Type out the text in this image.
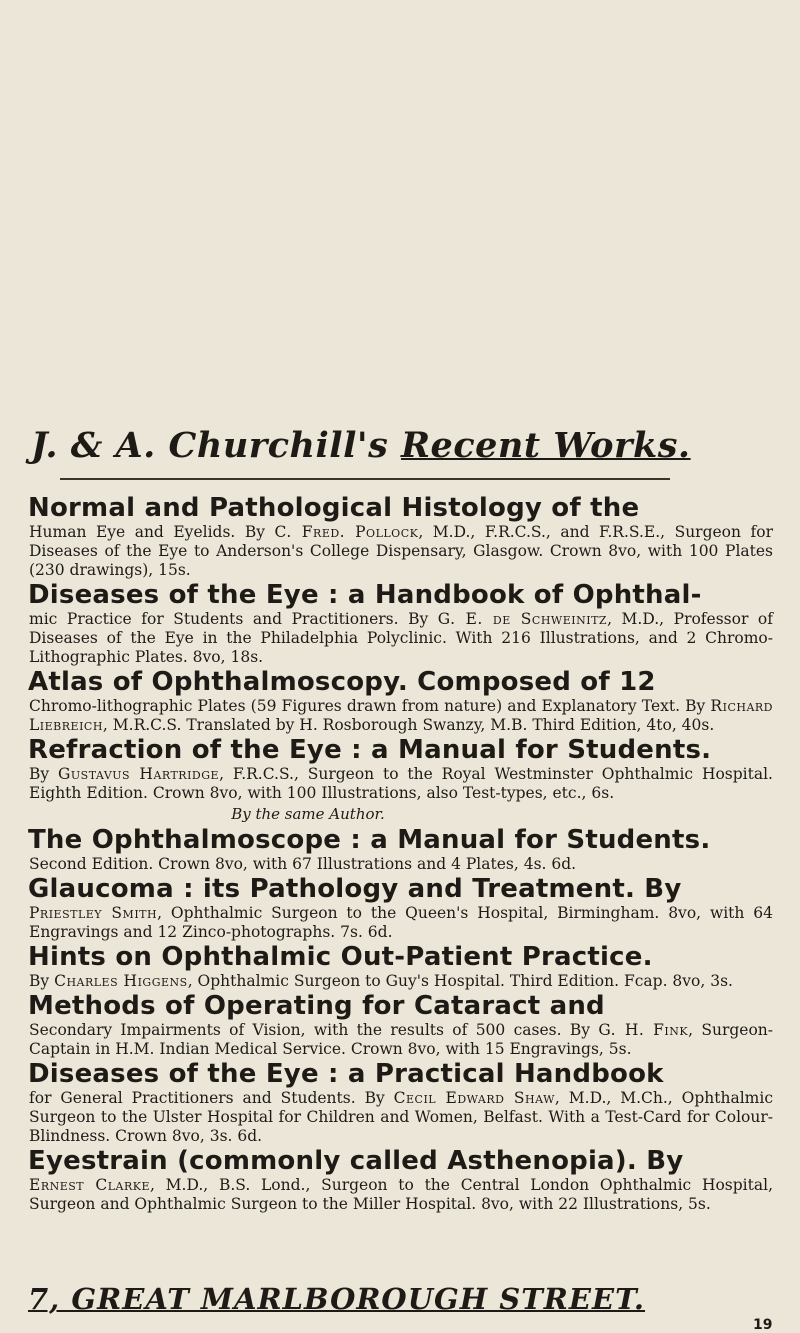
J. & A. Churchill's Recent Works.
Normal and Pathological Histology of the
Human Eye and Eyelids. By C. Fred. Pollock, M.D., F.R.C.S., and F.R.S.E., Surgeon for Diseases of the Eye to Anderson's College Dispensary, Glasgow. Crown 8vo, with 100 Plates (230 drawings), 15s.
Diseases of the Eye : a Handbook of Ophthal-
mic Practice for Students and Practitioners. By G. E. de Schweinitz, M.D., Professor of Diseases of the Eye in the Philadelphia Polyclinic. With 216 Illustrations, and 2 Chromo-Lithographic Plates. 8vo, 18s.
Atlas of Ophthalmoscopy. Composed of 12
Chromo-lithographic Plates (59 Figures drawn from nature) and Explanatory Text. By Richard Liebreich, M.R.C.S. Translated by H. Rosborough Swanzy, M.B. Third Edition, 4to, 40s.
Refraction of the Eye : a Manual for Students.
By Gustavus Hartridge, F.R.C.S., Surgeon to the Royal Westminster Ophthalmic Hospital. Eighth Edition. Crown 8vo, with 100 Illustrations, also Test-types, etc., 6s.
By the same Author.
The Ophthalmoscope : a Manual for Students.
Second Edition. Crown 8vo, with 67 Illustrations and 4 Plates, 4s. 6d.
Glaucoma : its Pathology and Treatment. By
Priestley Smith, Ophthalmic Surgeon to the Queen's Hospital, Birmingham. 8vo, with 64 Engravings and 12 Zinco-photographs. 7s. 6d.
Hints on Ophthalmic Out-Patient Practice.
By Charles Higgens, Ophthalmic Surgeon to Guy's Hospital. Third Edition. Fcap. 8vo, 3s.
Methods of Operating for Cataract and
Secondary Impairments of Vision, with the results of 500 cases. By G. H. Fink, Surgeon-Captain in H.M. Indian Medical Service. Crown 8vo, with 15 Engravings, 5s.
Diseases of the Eye : a Practical Handbook
for General Practitioners and Students. By Cecil Edward Shaw, M.D., M.Ch., Ophthalmic Surgeon to the Ulster Hospital for Children and Women, Belfast. With a Test-Card for Colour-Blindness. Crown 8vo, 3s. 6d.
Eyestrain (commonly called Asthenopia). By
Ernest Clarke, M.D., B.S. Lond., Surgeon to the Central London Ophthalmic Hospital, Surgeon and Ophthalmic Surgeon to the Miller Hospital. 8vo, with 22 Illustrations, 5s.
7, GREAT MARLBOROUGH STREET.
19
